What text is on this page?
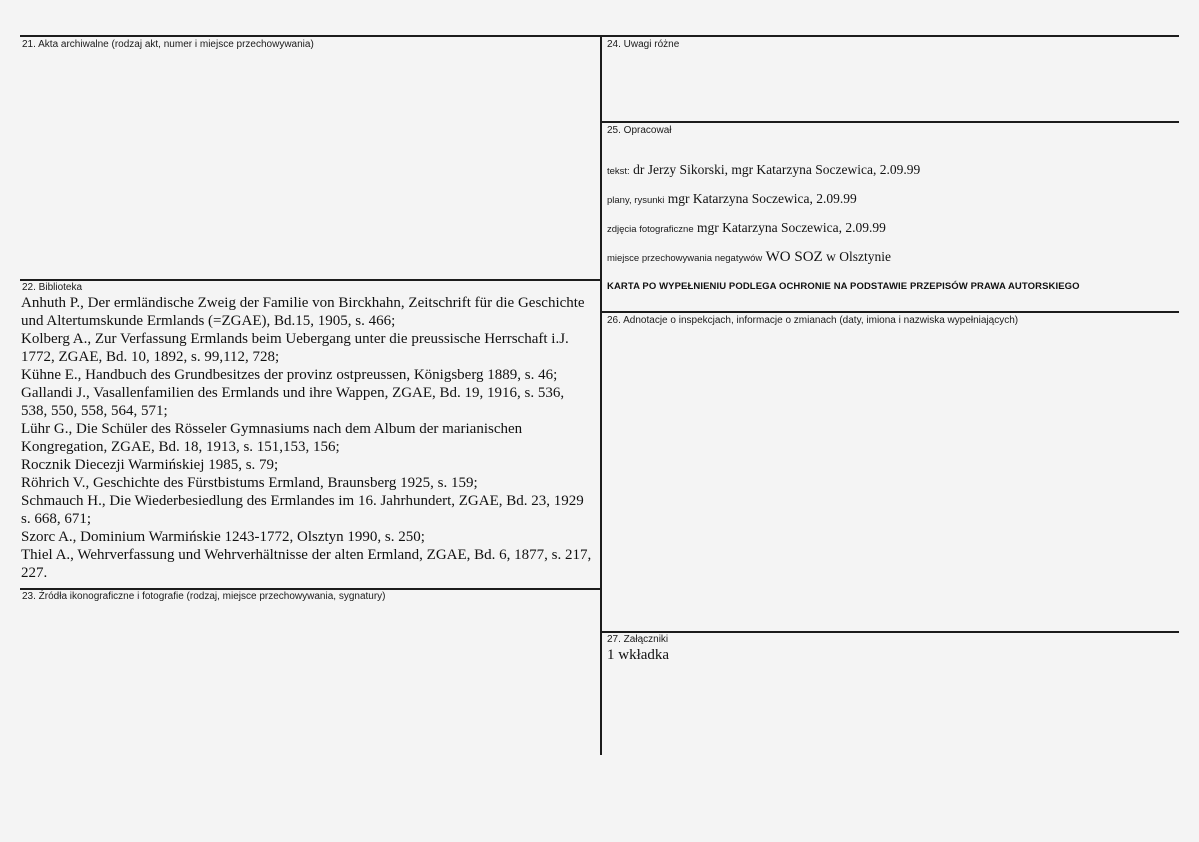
21. Akta archiwalne (rodzaj akt, numer i miejsce przechowywania)
22. Biblioteka

Anhuth P., Der ermländische Zweig der Familie von Birckhahn, Zeitschrift für die Geschichte und Altertumskunde Ermlands (=ZGAE), Bd.15, 1905, s. 466;

Kolberg A., Zur Verfassung Ermlands beim Uebergang unter die preussische Herrschaft i.J. 1772, ZGAE, Bd. 10, 1892, s. 99,112, 728;

Kühne E., Handbuch des Grundbesitzes der provinz ostpreussen, Königsberg 1889, s. 46;

Gallandi J., Vasallenfamilien des Ermlands und ihre Wappen, ZGAE, Bd. 19, 1916, s. 536, 538, 550, 558, 564, 571;

Lühr G., Die Schüler des Rösseler Gymnasiums nach dem Album der marianischen Kongregation, ZGAE, Bd. 18, 1913, s. 151,153, 156;

Rocznik Diecezji Warmińskiej 1985, s. 79;

Röhrich V., Geschichte des Fürstbistums Ermland, Braunsberg 1925, s. 159;

Schmauch H., Die Wiederbesiedlung des Ermlandes im 16. Jahrhundert, ZGAE, Bd. 23, 1929 s. 668, 671;

Szorc A., Dominium Warmińskie 1243-1772, Olsztyn 1990, s. 250;

Thiel A., Wehrverfassung und Wehrverhältnisse der alten Ermland, ZGAE, Bd. 6, 1877, s. 217, 227.

23. Źródła ikonograficzne i fotografie (rodzaj, miejsce przechowywania, sygnatury)
24. Uwagi różne
25. Opracował
tekst: dr Jerzy Sikorski, mgr Katarzyna Soczewica, 2.09.99
plany, rysunki mgr Katarzyna Soczewica, 2.09.99
zdjęcia fotograficzne mgr Katarzyna Soczewica, 2.09.99
miejsce przechowywania negatywów WO SOZ w Olsztynie
KARTA PO WYPEŁNIENIU PODLEGA OCHRONIE NA PODSTAWIE PRZEPISÓW PRAWA AUTORSKIEGO
26. Adnotacje o inspekcjach, informacje o zmianach (daty, imiona i nazwiska wypełniających)
27. Załączniki
1 wkładka
